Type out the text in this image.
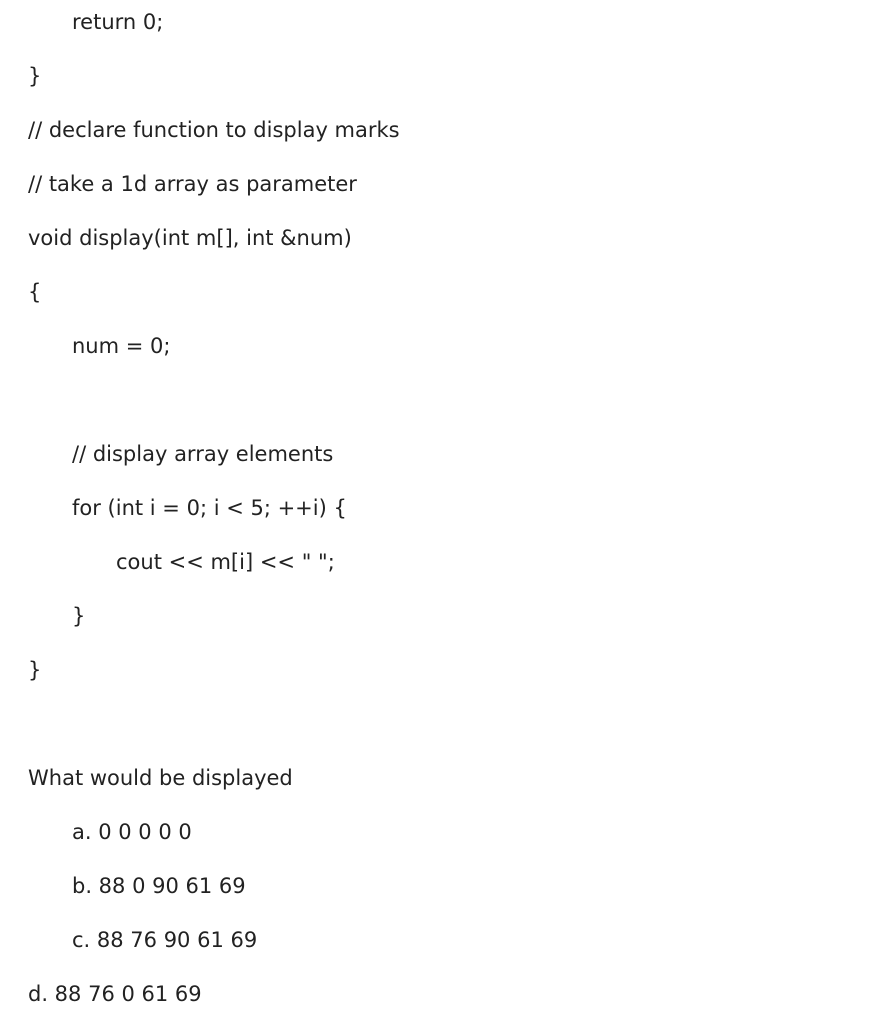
return 0;

}

// declare function to display marks

// take a 1d array as parameter

void display(int m[], int &num)

{

num = 0;

// display array elements

for (int i = 0; i < 5; ++i) {

cout << m[i] << " ";

}

}

What would be displayed

a. 0 0 0 0 0

b. 88 0 90 61 69

c. 88 76 90 61 69

d. 88 76 0 61 69
